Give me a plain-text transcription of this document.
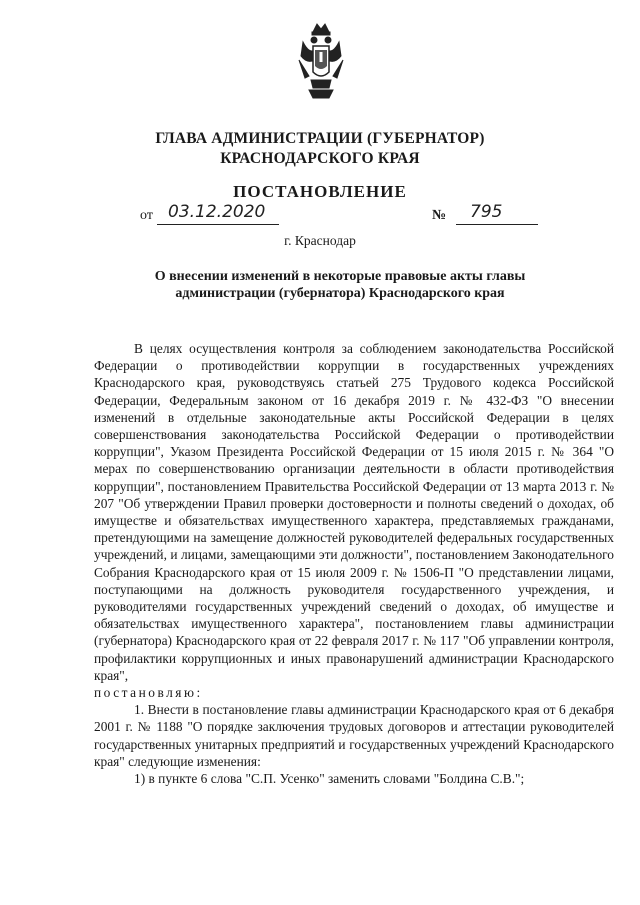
ГЛАВА АДМИНИСТРАЦИИ (ГУБЕРНАТОР)
КРАСНОДАРСКОГО КРАЯ
ПОСТАНОВЛЕНИЕ
от 03.12.2020	№ 795
г. Краснодар
О внесении изменений в некоторые правовые акты главы администрации (губернатора) Краснодарского края

В целях осуществления контроля за соблюдением законодательства Российской Федерации о противодействии коррупции в государственных учреждениях Краснодарского края, руководствуясь статьей 275 Трудового кодекса Российской Федерации, Федеральным законом от 16 декабря 2019 г. № 432-ФЗ "О внесении изменений в отдельные законодательные акты Российской Федерации в целях совершенствования законодательства Российской Федерации о противодействии коррупции", Указом Президента Российской Федерации от 15 июля 2015 г. № 364 "О мерах по совершенствованию организации деятельности в области противодействия коррупции", постановлением Правительства Российской Федерации от 13 марта 2013 г. № 207 "Об утверждении Правил проверки достоверности и полноты сведений о доходах, об имуществе и обязательствах имущественного характера, представляемых гражданами, претендующими на замещение должностей руководителей федеральных государственных учреждений, и лицами, замещающими эти должности", постановлением Законодательного Собрания Краснодарского края от 15 июля 2009 г. № 1506-П "О представлении лицами, поступающими на должность руководителя государственного учреждения, и руководителями государственных учреждений сведений о доходах, об имуществе и обязательствах имущественного характера", постановлением главы администрации (губернатора) Краснодарского края от 22 февраля 2017 г. № 117 "Об управлении контроля, профилактики коррупционных и иных правонарушений администрации Краснодарского края",

постановляю:

1. Внести в постановление главы администрации Краснодарского края от 6 декабря 2001 г. № 1188 "О порядке заключения трудовых договоров и аттестации руководителей государственных унитарных предприятий и государственных учреждений Краснодарского края" следующие изменения:

1) в пункте 6 слова "С.П. Усенко" заменить словами "Болдина С.В.";
